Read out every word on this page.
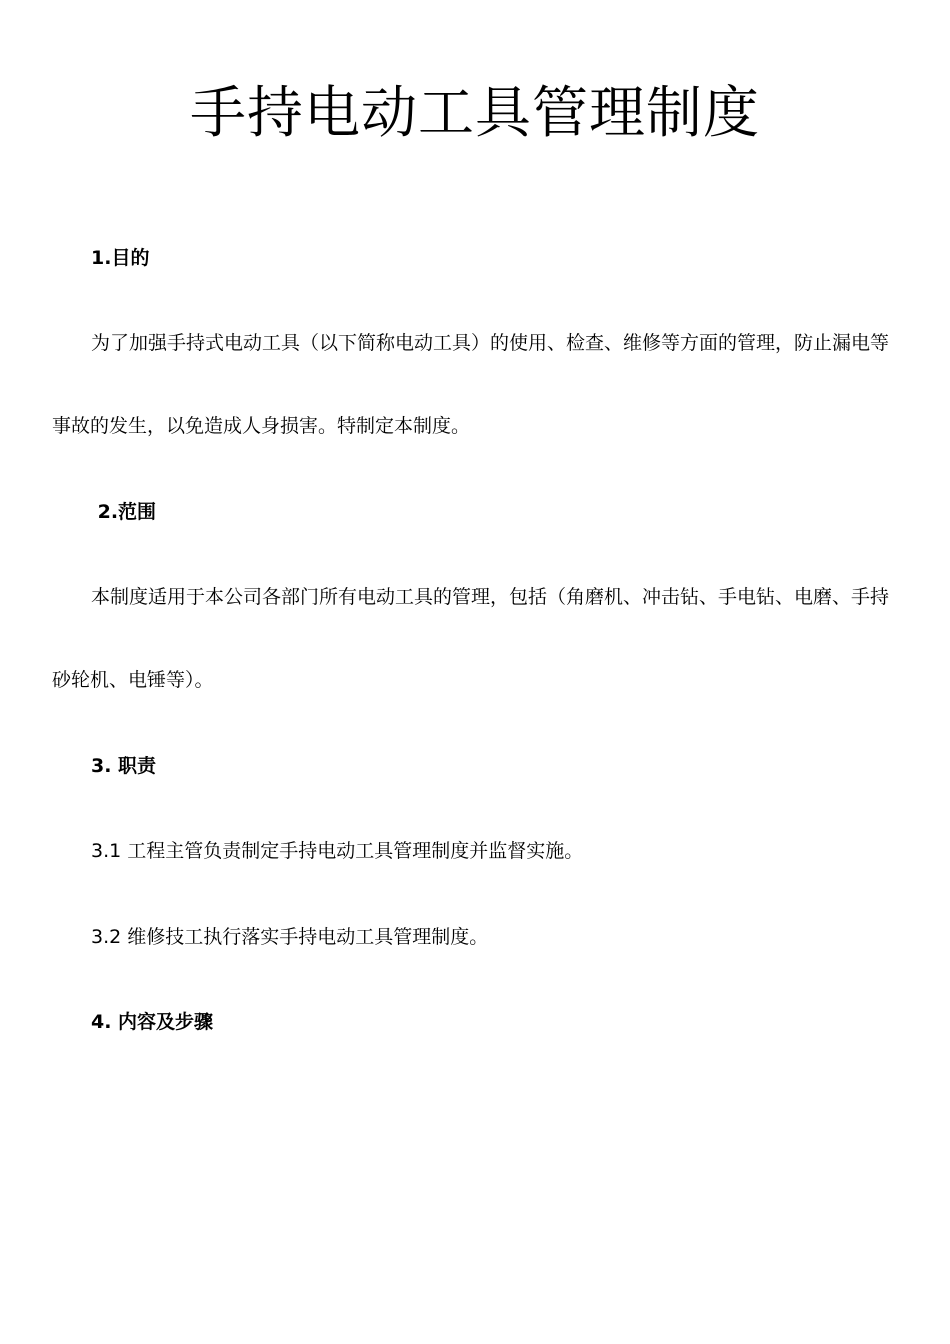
手持电动工具管理制度

1.目的

为了加强手持式电动工具（以下简称电动工具）的使用、检查、维修等方面的管理，防止漏电等

事故的发生，以免造成人身损害。特制定本制度。

2.范围

本制度适用于本公司各部门所有电动工具的管理，包括（角磨机、冲击钻、手电钻、电磨、手持

砂轮机、电锤等）。

3. 职责

3.1 工程主管负责制定手持电动工具管理制度并监督实施。

3.2 维修技工执行落实手持电动工具管理制度。

4. 内容及步骤
